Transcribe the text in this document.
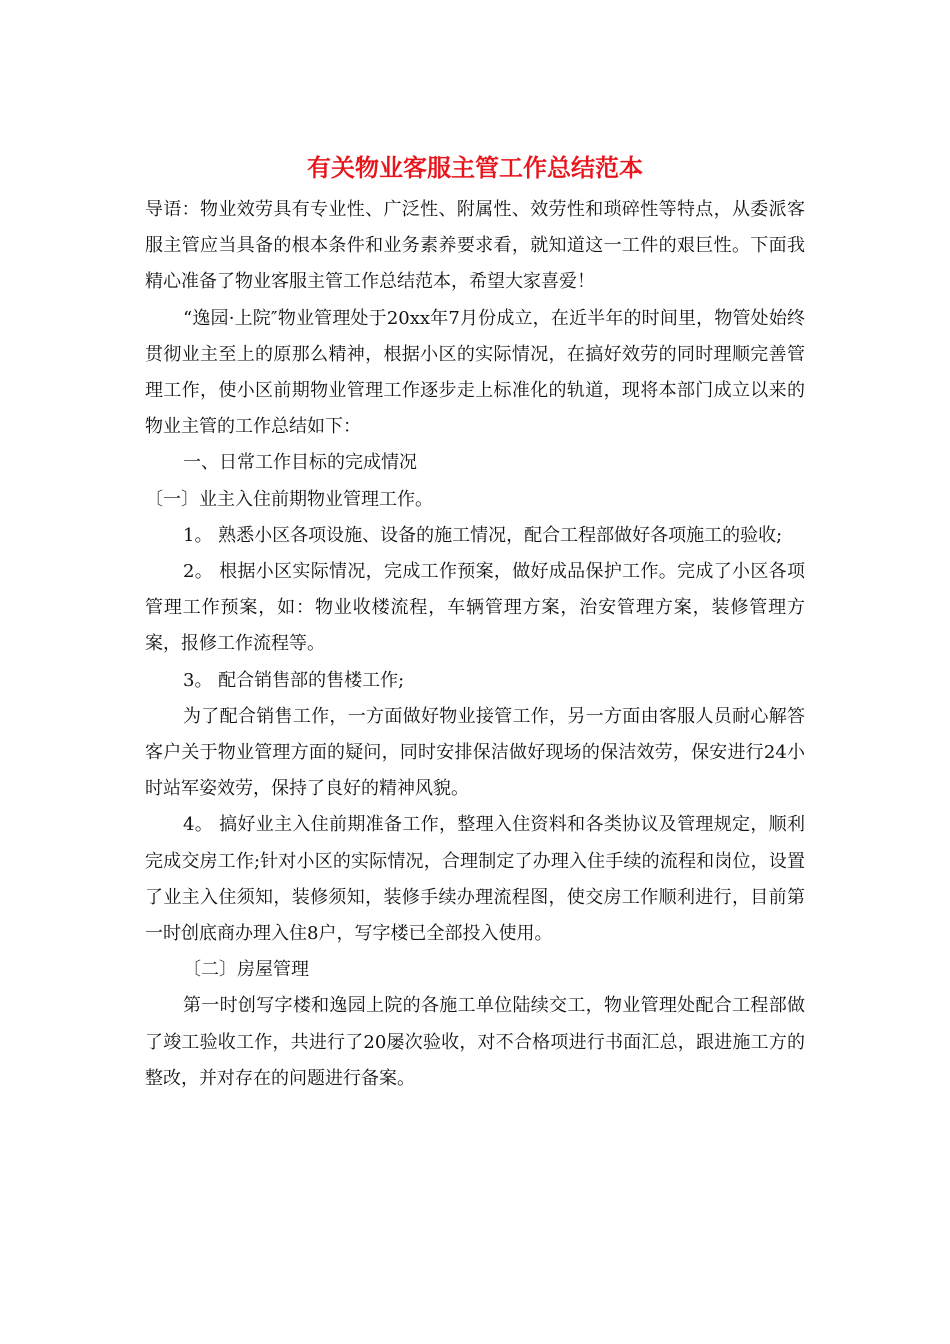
有关物业客服主管工作总结范本

导语：物业效劳具有专业性、广泛性、附属性、效劳性和琐碎性等特点，从委派客服主管应当具备的根本条件和业务素养要求看，就知道这一工件的艰巨性。下面我精心准备了物业客服主管工作总结范本，希望大家喜爱！

“逸园·上院″物业管理处于20xx年7月份成立，在近半年的时间里，物管处始终贯彻业主至上的原那么精神，根据小区的实际情况，在搞好效劳的同时理顺完善管理工作，使小区前期物业管理工作逐步走上标准化的轨道，现将本部门成立以来的物业主管的工作总结如下：

一、日常工作目标的完成情况

〔一〕业主入住前期物业管理工作。

1。 熟悉小区各项设施、设备的施工情况，配合工程部做好各项施工的验收;

2。 根据小区实际情况，完成工作预案，做好成品保护工作。完成了小区各项管理工作预案，如：物业收楼流程，车辆管理方案，治安管理方案，装修管理方案，报修工作流程等。

3。 配合销售部的售楼工作;

为了配合销售工作，一方面做好物业接管工作，另一方面由客服人员耐心解答客户关于物业管理方面的疑问，同时安排保洁做好现场的保洁效劳，保安进行24小时站军姿效劳，保持了良好的精神风貌。

4。 搞好业主入住前期准备工作，整理入住资料和各类协议及管理规定，顺利完成交房工作;针对小区的实际情况，合理制定了办理入住手续的流程和岗位，设置了业主入住须知，装修须知，装修手续办理流程图，使交房工作顺利进行，目前第一时创底商办理入住8户，写字楼已全部投入使用。

〔二〕房屋管理

第一时创写字楼和逸园上院的各施工单位陆续交工，物业管理处配合工程部做了竣工验收工作，共进行了20屡次验收，对不合格项进行书面汇总，跟进施工方的整改，并对存在的问题进行备案。
